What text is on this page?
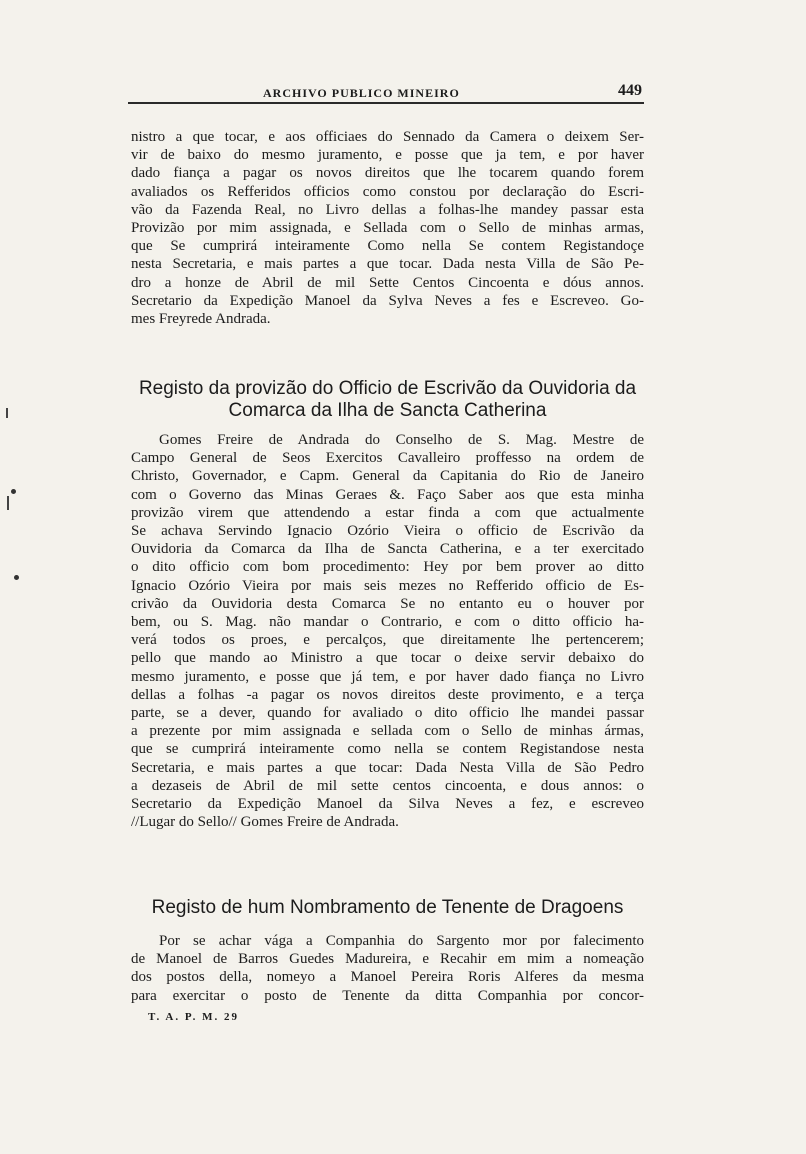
ARCHIVO PUBLICO MINEIRO	449
nistro a que tocar, e aos officiaes do Sennado da Camera o deixem Ser-
vir de baixo do mesmo juramento, e posse que ja tem, e por haver
dado fiança a pagar os novos direitos que lhe tocarem quando forem
avaliados os Refferidos officios como constou por declaração do Escri-
vão da Fazenda Real, no Livro dellas a folhas-lhe mandey passar esta
Provizão por mim assignada, e Sellada com o Sello de minhas armas,
que Se cumprirá inteiramente Como nella Se contem Registandoçe
nesta Secretaria, e mais partes a que tocar. Dada nesta Villa de São Pe-
dro a honze de Abril de mil Sette Centos Cincoenta e dóus annos.
Secretario da Expedição Manoel da Sylva Neves a fes e Escreveo. Go-
mes Freyrede Andrada.
Registo da provizão do Officio de Escrivão da Ouvidoria da
Comarca da Ilha de Sancta Catherina
Gomes Freire de Andrada do Conselho de S. Mag. Mestre de
Campo General de Seos Exercitos Cavalleiro proffesso na ordem de
Christo, Governador, e Capm. General da Capitania do Rio de Janeiro
com o Governo das Minas Geraes &. Faço Saber aos que esta minha
provizão virem que attendendo a estar finda a com que actualmente
Se achava Servindo Ignacio Ozório Vieira o officio de Escrivão da
Ouvidoria da Comarca da Ilha de Sancta Catherina, e a ter exercitado
o dito officio com bom procedimento: Hey por bem prover ao ditto
Ignacio Ozório Vieira por mais seis mezes no Refferido officio de Es-
crivão da Ouvidoria desta Comarca Se no entanto eu o houver por
bem, ou S. Mag. não mandar o Contrario, e com o ditto officio ha-
verá todos os proes, e percalços, que direitamente lhe pertencerem;
pello que mando ao Ministro a que tocar o deixe servir debaixo do
mesmo juramento, e posse que já tem, e por haver dado fiança no Livro
dellas a folhas -a pagar os novos direitos deste provimento, e a terça
parte, se a dever, quando for avaliado o dito officio lhe mandei passar
a prezente por mim assignada e sellada com o Sello de minhas ármas,
que se cumprirá inteiramente como nella se contem Registandose nesta
Secretaria, e mais partes a que tocar: Dada Nesta Villa de São Pedro
a dezaseis de Abril de mil sette centos cincoenta, e dous annos: o
Secretario da Expedição Manoel da Silva Neves a fez, e escreveo
//Lugar do Sello// Gomes Freire de Andrada.
Registo de hum Nombramento de Tenente de Dragoens
Por se achar vága a Companhia do Sargento mor por falecimento
de Manoel de Barros Guedes Madureira, e Recahir em mim a nomeação
dos postos della, nomeyo a Manoel Pereira Roris Alferes da mesma
para exercitar o posto de Tenente da ditta Companhia por concor-
T. A. P. M. 29
